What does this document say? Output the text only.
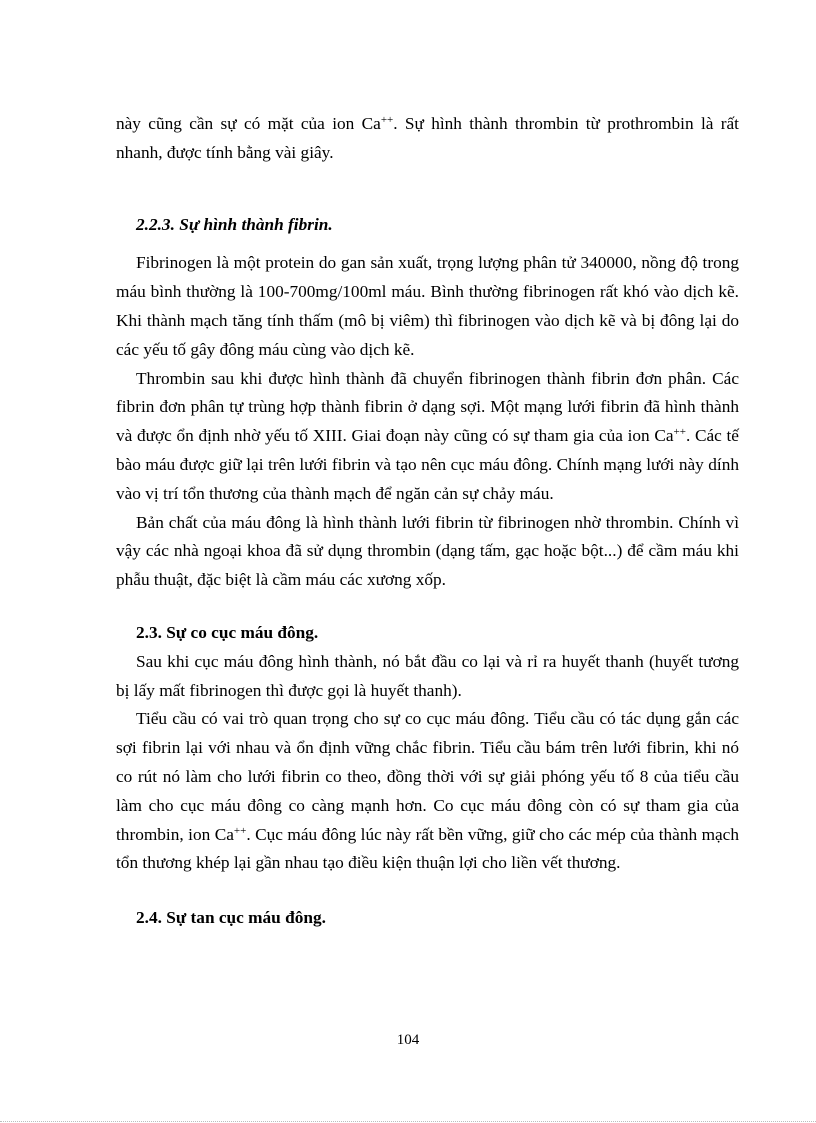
này cũng cần sự có mặt của ion Ca++. Sự hình thành thrombin từ prothrombin là rất nhanh, được tính bằng vài giây.

2.2.3. Sự hình thành fibrin.

Fibrinogen là một protein do gan sản xuất, trọng lượng phân tử 340000, nồng độ trong máu bình thường là 100-700mg/100ml máu. Bình thường fibrinogen rất khó vào dịch kẽ. Khi thành mạch tăng tính thấm (mô bị viêm) thì fibrinogen vào dịch kẽ và bị đông lại do các yếu tố gây đông máu cùng vào dịch kẽ.

Thrombin sau khi được hình thành đã chuyển fibrinogen thành fibrin đơn phân. Các fibrin đơn phân tự trùng hợp thành fibrin ở dạng sợi. Một mạng lưới fibrin đã hình thành và được ổn định nhờ yếu tố XIII. Giai đoạn này cũng có sự tham gia của ion Ca++. Các tế bào máu được giữ lại trên lưới fibrin và tạo nên cục máu đông. Chính mạng lưới này dính vào vị trí tổn thương của thành mạch để ngăn cản sự chảy máu.

Bản chất của máu đông là hình thành lưới fibrin từ fibrinogen nhờ thrombin. Chính vì vậy các nhà ngoại khoa đã sử dụng thrombin (dạng tấm, gạc hoặc bột...) để cầm máu khi phẫu thuật, đặc biệt là cầm máu các xương xốp.

2.3. Sự co cục máu đông.

Sau khi cục máu đông hình thành, nó bắt đầu co lại và rỉ ra huyết thanh (huyết tương bị lấy mất fibrinogen thì được gọi là huyết thanh).

Tiểu cầu có vai trò quan trọng cho sự co cục máu đông. Tiểu cầu có tác dụng gắn các sợi fibrin lại với nhau và ổn định vững chắc fibrin. Tiểu cầu bám trên lưới fibrin, khi nó co rút nó làm cho lưới fibrin co theo, đồng thời với sự giải phóng yếu tố 8 của tiểu cầu làm cho cục máu đông co càng mạnh hơn. Co cục máu đông còn có sự tham gia của thrombin, ion Ca++. Cục máu đông lúc này rất bền vững, giữ cho các mép của thành mạch tổn thương khép lại gần nhau tạo điều kiện thuận lợi cho liền vết thương.

2.4. Sự tan cục máu đông.
104
